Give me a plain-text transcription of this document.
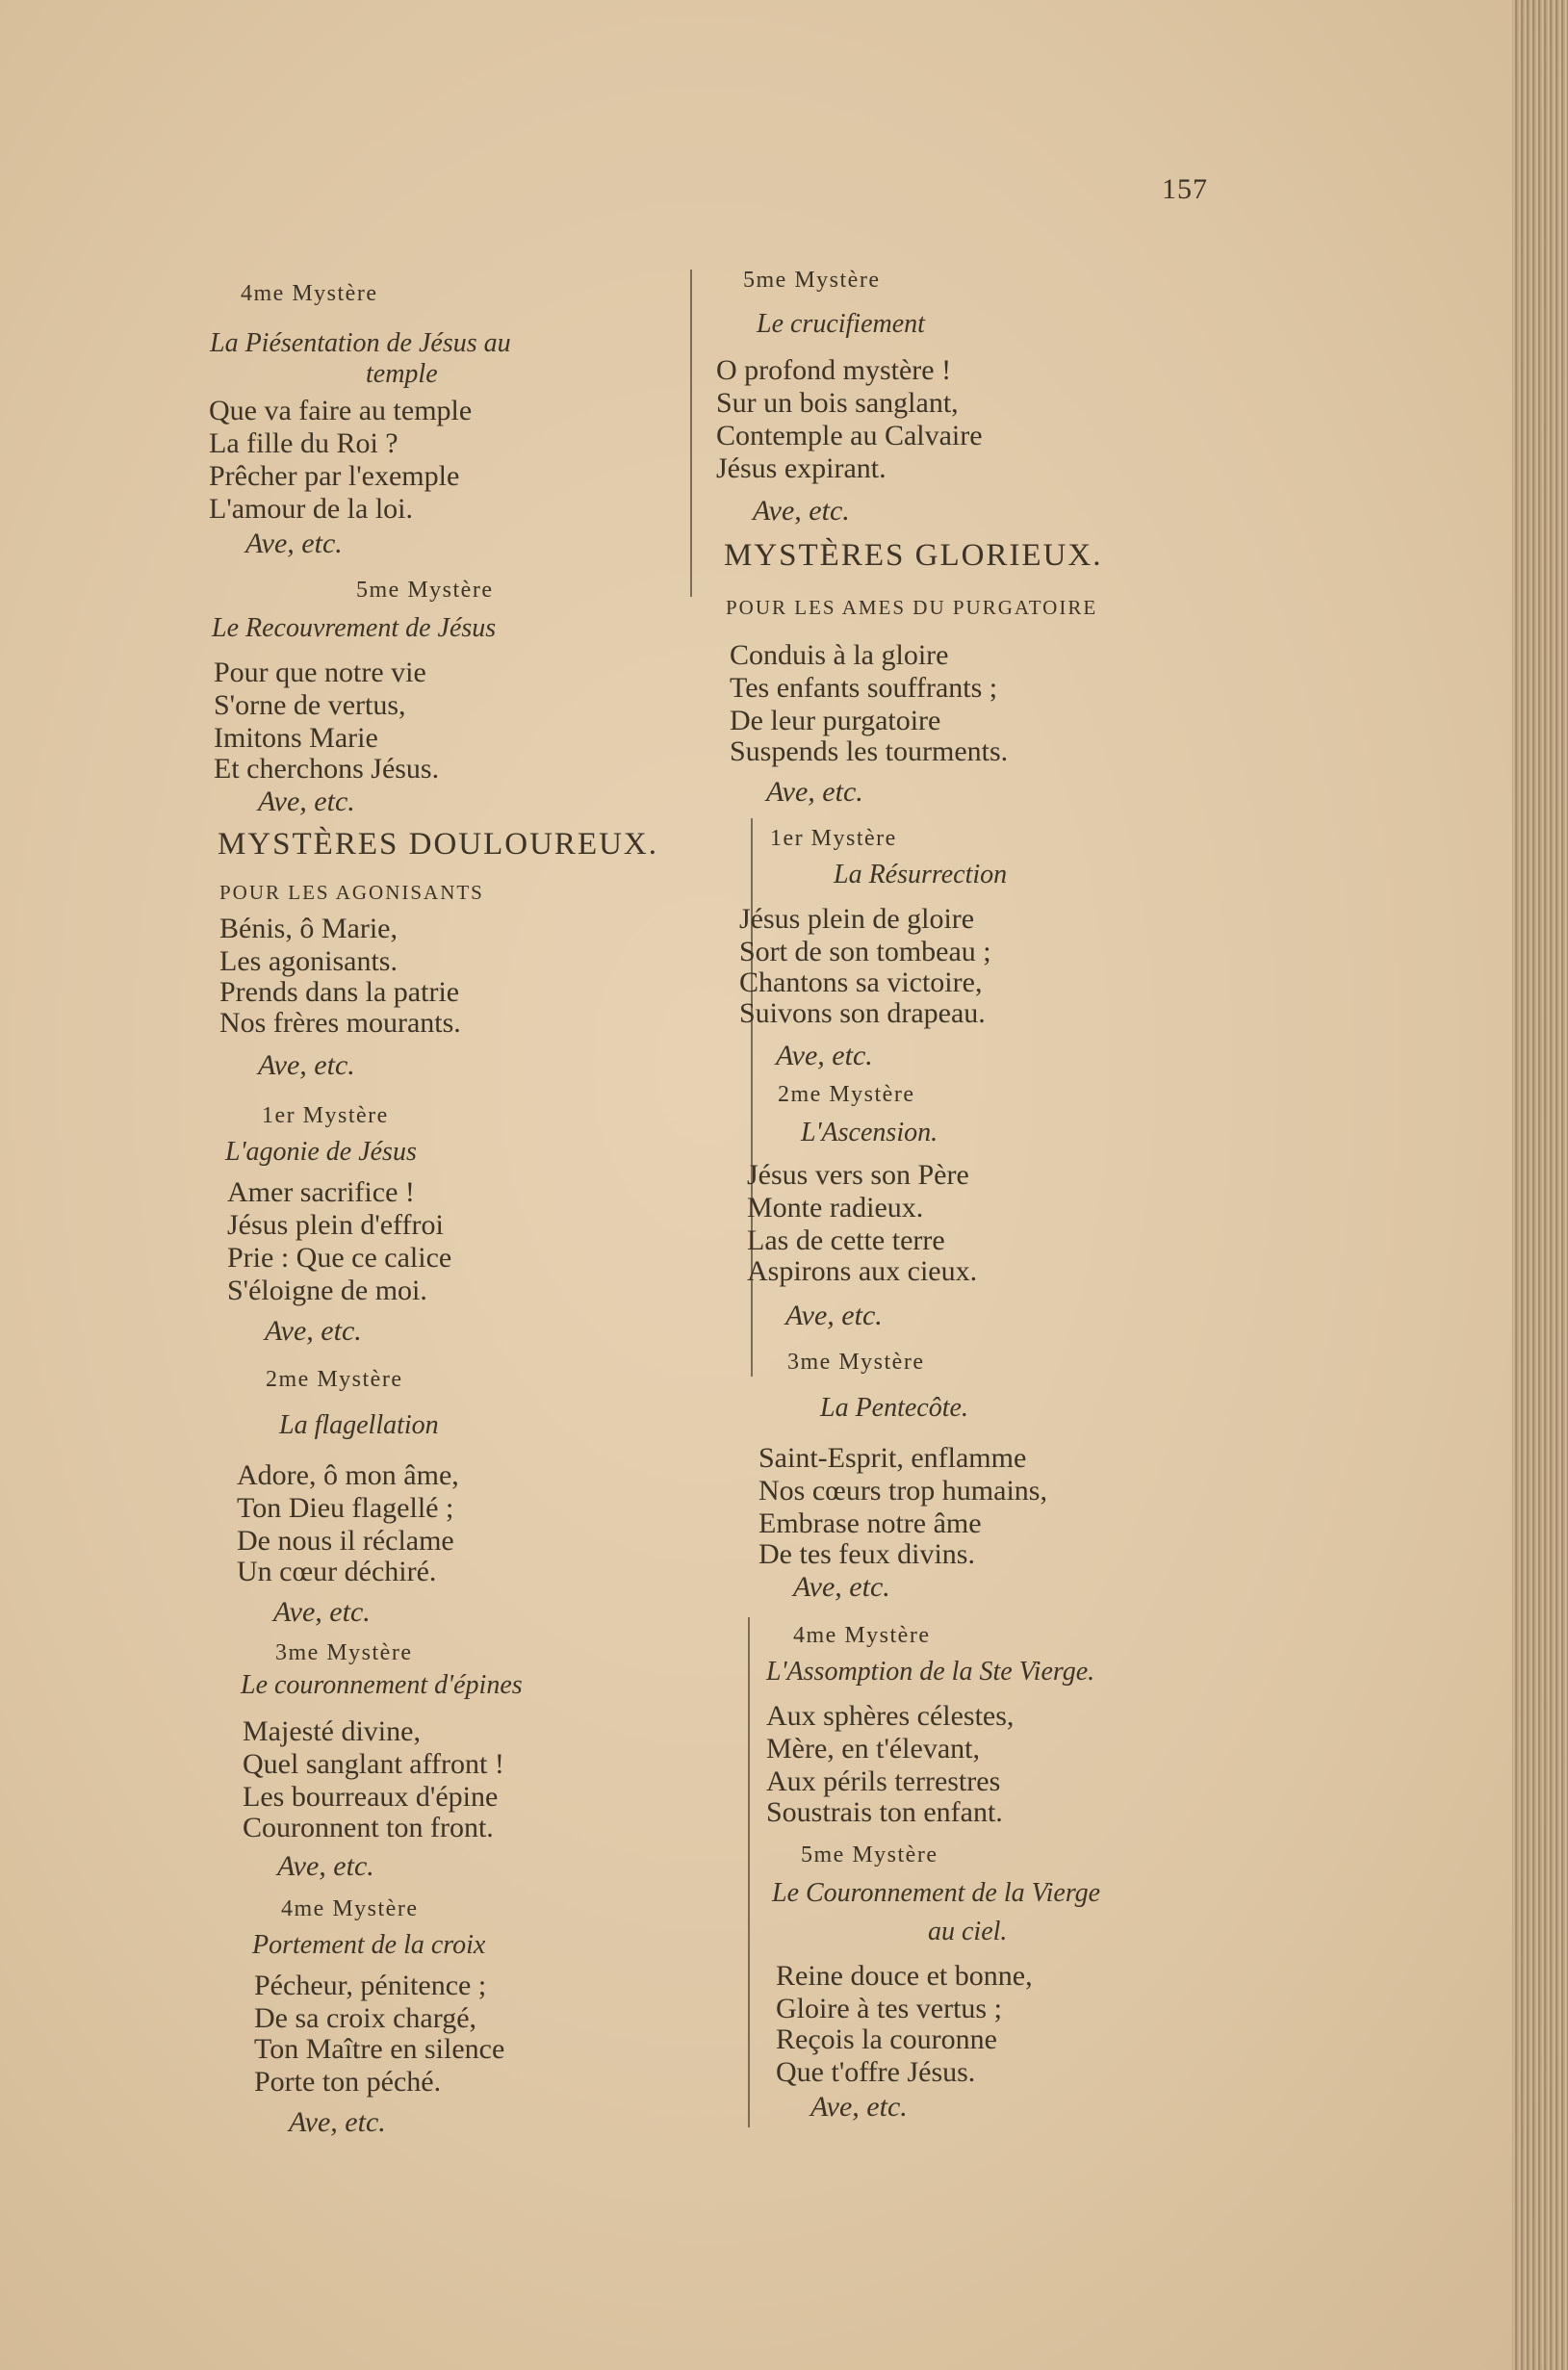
157
4me Mystère
La Piésentation de Jésus au
temple
Que va faire au temple
La fille du Roi ?
Prêcher par l'exemple
L'amour de la loi.
Ave, etc.
5me Mystère
Le Recouvrement de Jésus
Pour que notre vie
S'orne de vertus,
Imitons Marie
Et cherchons Jésus.
Ave, etc.
MYSTÈRES DOULOUREUX.
POUR LES AGONISANTS
Bénis, ô Marie,
Les agonisants.
Prends dans la patrie
Nos frères mourants.
Ave, etc.
1er Mystère
L'agonie de Jésus
Amer sacrifice !
Jésus plein d'effroi
Prie : Que ce calice
S'éloigne de moi.
Ave, etc.
2me Mystère
La flagellation
Adore, ô mon âme,
Ton Dieu flagellé ;
De nous il réclame
Un cœur déchiré.
Ave, etc.
3me Mystère
Le couronnement d'épines
Majesté divine,
Quel sanglant affront !
Les bourreaux d'épine
Couronnent ton front.
Ave, etc.
4me Mystère
Portement de la croix
Pécheur, pénitence ;
De sa croix chargé,
Ton Maître en silence
Porte ton péché.
Ave, etc.
5me Mystère
Le crucifiement
O profond mystère !
Sur un bois sanglant,
Contemple au Calvaire
Jésus expirant.
Ave, etc.
MYSTÈRES GLORIEUX.
POUR LES AMES DU PURGATOIRE
Conduis à la gloire
Tes enfants souffrants ;
De leur purgatoire
Suspends les tourments.
Ave, etc.
1er Mystère
La Résurrection
Jésus plein de gloire
Sort de son tombeau ;
Chantons sa victoire,
Suivons son drapeau.
Ave, etc.
2me Mystère
L'Ascension.
Jésus vers son Père
Monte radieux.
Las de cette terre
Aspirons aux cieux.
Ave, etc.
3me Mystère
La Pentecôte.
Saint-Esprit, enflamme
Nos cœurs trop humains,
Embrase notre âme
De tes feux divins.
Ave, etc.
4me Mystère
L'Assomption de la Ste Vierge.
Aux sphères célestes,
Mère, en t'élevant,
Aux périls terrestres
Soustrais ton enfant.
5me Mystère
Le Couronnement de la Vierge
au ciel.
Reine douce et bonne,
Gloire à tes vertus ;
Reçois la couronne
Que t'offre Jésus.
Ave, etc.
